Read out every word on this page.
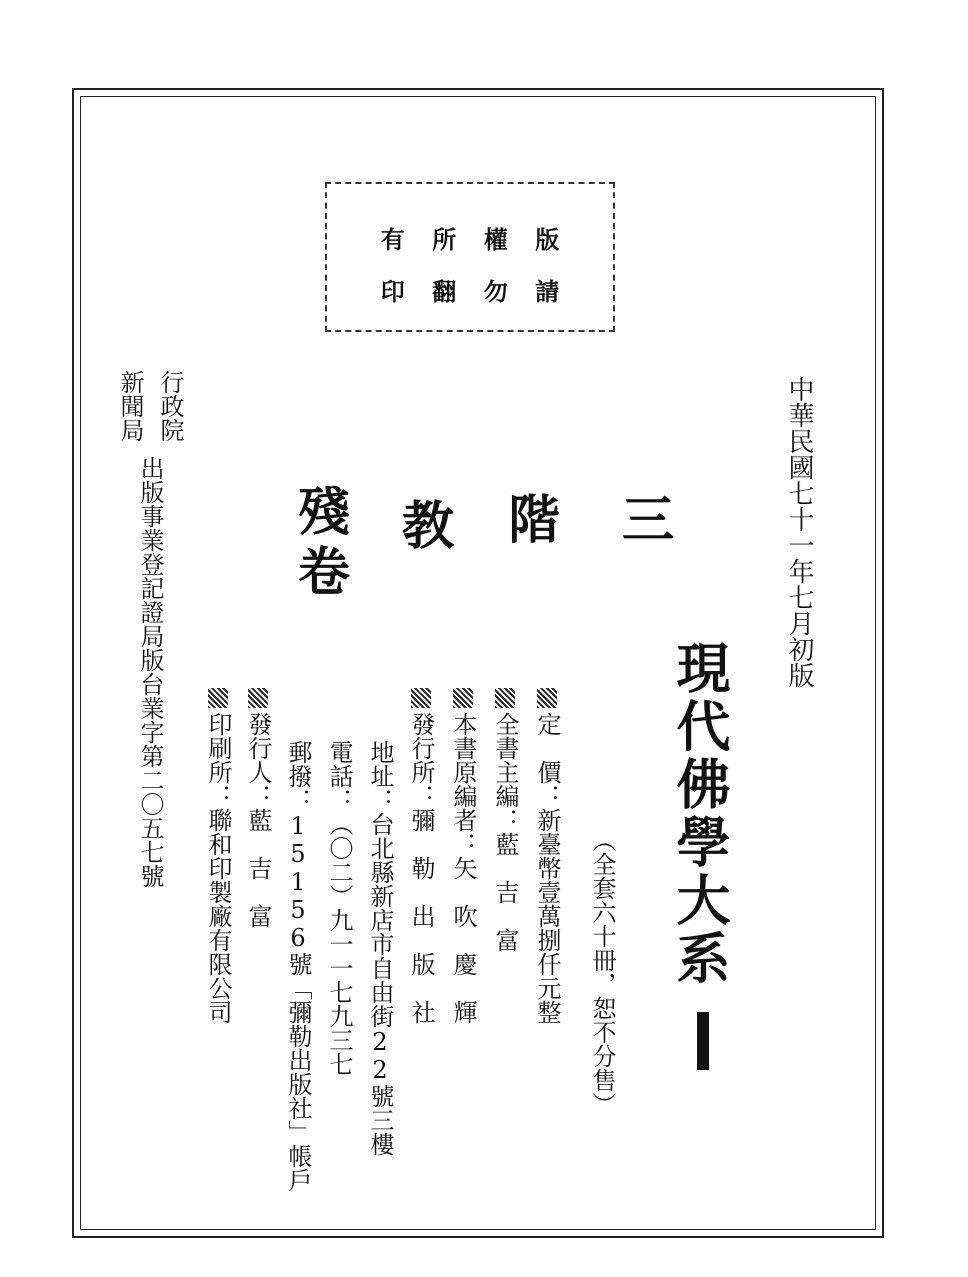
有 所 權 版
印 翻 勿 請
中華民國七十一年七月初版
現代佛學大系
（全套六十冊，恕不分售）
三
階
教
殘
卷
定　價：新臺幣壹萬捌仟元整
全書主編：藍　吉　富
本書原編者：矢　吹　慶　輝
發行所：彌　勒　出　版　社
地址：台北縣新店市自由街22號三樓
電話：（〇二）九一一七九三七
郵撥：15156號「彌勒出版社」帳戶
發行人：藍　吉　富
印刷所：聯和印製廠有限公司
行政院
新聞局
出版事業登記證局版台業字第二〇五七號
